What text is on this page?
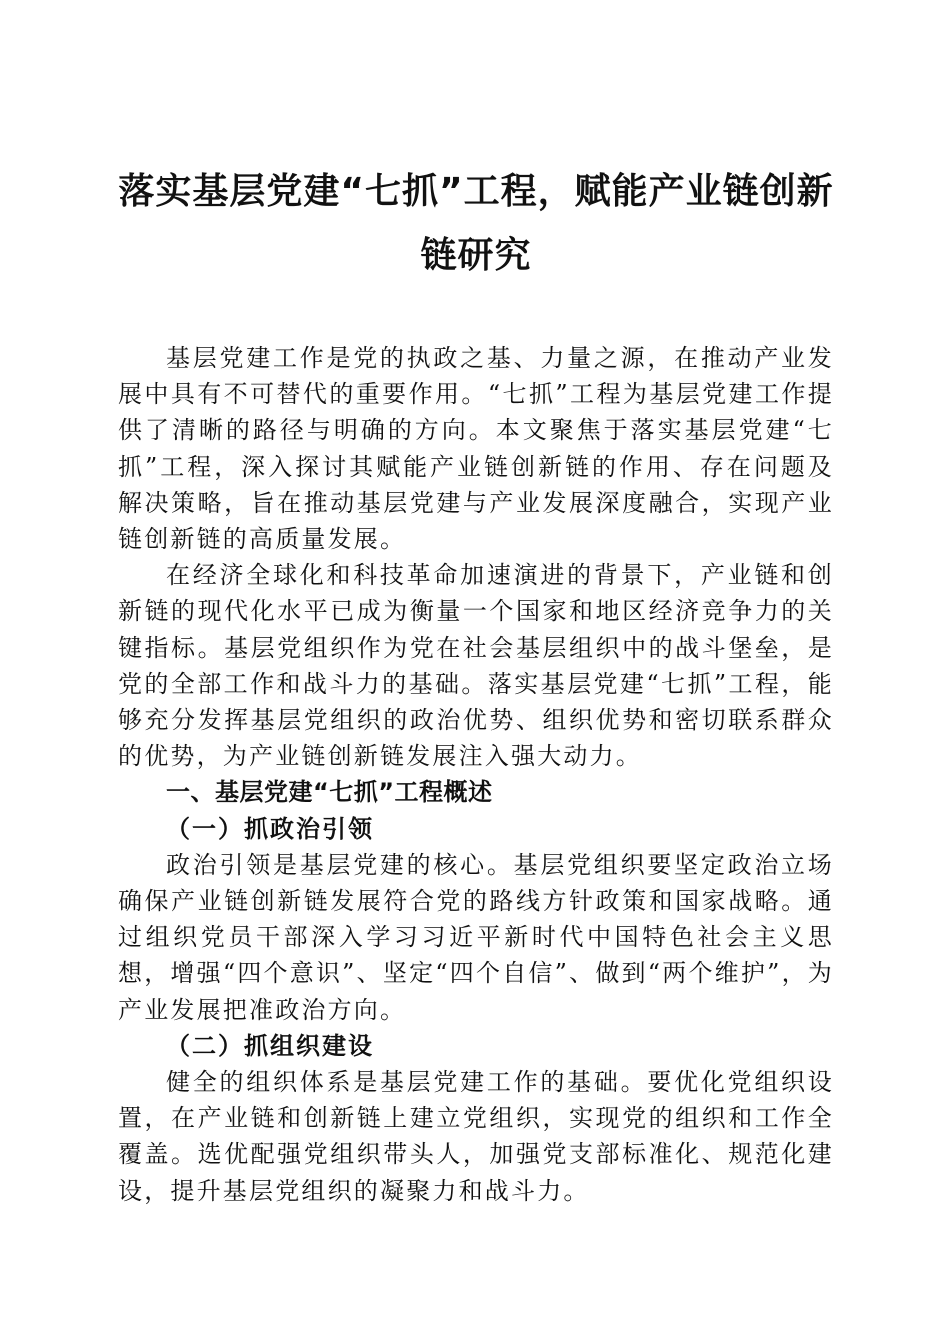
落实基层党建“七抓”工程，赋能产业链创新
链研究

基层党建工作是党的执政之基、力量之源，在推动产业发展中具有不可替代的重要作用。“七抓”工程为基层党建工作提供了清晰的路径与明确的方向。本文聚焦于落实基层党建“七抓”工程，深入探讨其赋能产业链创新链的作用、存在问题及解决策略，旨在推动基层党建与产业发展深度融合，实现产业链创新链的高质量发展。

在经济全球化和科技革命加速演进的背景下，产业链和创新链的现代化水平已成为衡量一个国家和地区经济竞争力的关键指标。基层党组织作为党在社会基层组织中的战斗堡垒，是党的全部工作和战斗力的基础。落实基层党建“七抓”工程，能够充分发挥基层党组织的政治优势、组织优势和密切联系群众的优势，为产业链创新链发展注入强大动力。

一、基层党建“七抓”工程概述
（一）抓政治引领

政治引领是基层党建的核心。基层党组织要坚定政治立场确保产业链创新链发展符合党的路线方针政策和国家战略。通过组织党员干部深入学习习近平新时代中国特色社会主义思想，增强“四个意识”、坚定“四个自信”、做到“两个维护”，为产业发展把准政治方向。

（二）抓组织建设

健全的组织体系是基层党建工作的基础。要优化党组织设置，在产业链和创新链上建立党组织，实现党的组织和工作全覆盖。选优配强党组织带头人，加强党支部标准化、规范化建设，提升基层党组织的凝聚力和战斗力。
